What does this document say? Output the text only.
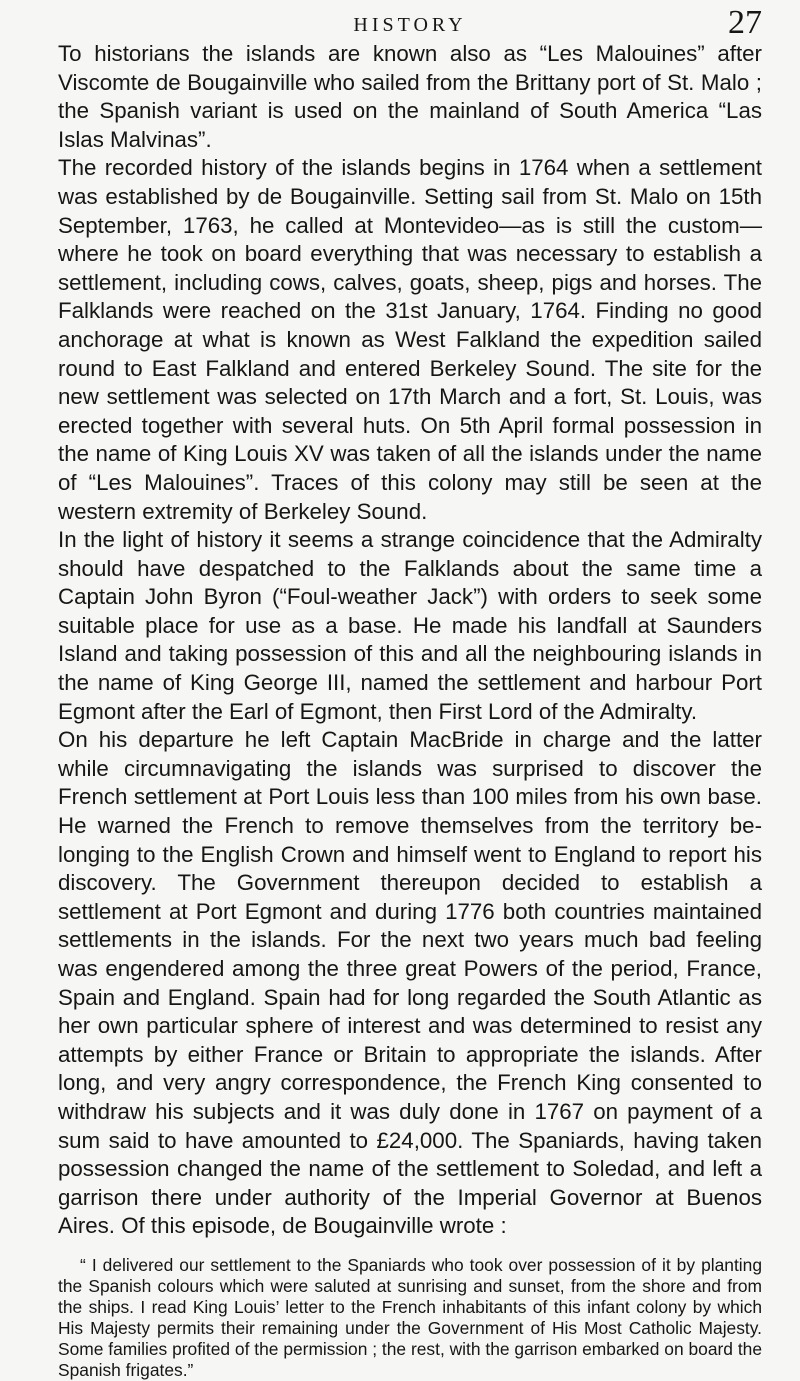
HISTORY	27

To historians the islands are known also as “Les Malouines” after Viscomte de Bougainville who sailed from the Brittany port of St. Malo ; the Spanish variant is used on the mainland of South America “Las Islas Malvinas”.

The recorded history of the islands begins in 1764 when a settlement was established by de Bougainville. Setting sail from St. Malo on 15th September, 1763, he called at Montevideo—as is still the custom—where he took on board everything that was necessary to establish a settlement, including cows, calves, goats, sheep, pigs and horses. The Falklands were reached on the 31st January, 1764. Finding no good anchorage at what is known as West Falkland the expedition sailed round to East Falkland and entered Berkeley Sound. The site for the new settlement was selected on 17th March and a fort, St. Louis, was erected together with several huts. On 5th April formal possession in the name of King Louis XV was taken of all the islands under the name of “Les Malouines”. Traces of this colony may still be seen at the western extremity of Berkeley Sound.

In the light of history it seems a strange coincidence that the Admiralty should have despatched to the Falklands about the same time a Captain John Byron (“Foul-weather Jack”) with orders to seek some suitable place for use as a base. He made his landfall at Saunders Island and taking possession of this and all the neighbouring islands in the name of King George III, named the settlement and harbour Port Egmont after the Earl of Egmont, then First Lord of the Admiralty.

On his departure he left Captain MacBride in charge and the latter while circumnavigating the islands was surprised to discover the French settlement at Port Louis less than 100 miles from his own base. He warned the French to remove themselves from the territory be-longing to the English Crown and himself went to England to report his discovery. The Government thereupon decided to establish a settlement at Port Egmont and during 1776 both countries maintained settlements in the islands. For the next two years much bad feeling was engendered among the three great Powers of the period, France, Spain and England. Spain had for long regarded the South Atlantic as her own particular sphere of interest and was determined to resist any attempts by either France or Britain to appropriate the islands. After long, and very angry correspondence, the French King consented to withdraw his subjects and it was duly done in 1767 on payment of a sum said to have amounted to £24,000. The Spaniards, having taken possession changed the name of the settlement to Soledad, and left a garrison there under authority of the Imperial Governor at Buenos Aires. Of this episode, de Bougainville wrote :

“ I delivered our settlement to the Spaniards who took over possession of it by planting the Spanish colours which were saluted at sunrising and sunset, from the shore and from the ships. I read King Louis’ letter to the French inhabitants of this infant colony by which His Majesty permits their remaining under the Government of His Most Catholic Majesty. Some families profited of the permission ; the rest, with the garrison embarked on board the Spanish frigates.”
